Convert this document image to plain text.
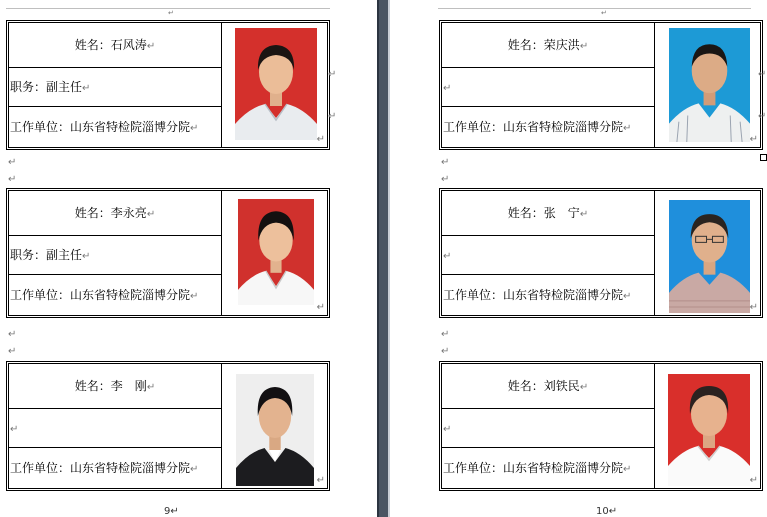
↵
姓名：石风涛↵
职务：副主任↵
工作单位：山东省特检院淄博分院↵
↵
↵
↵
姓名：李永亮↵
职务：副主任↵
工作单位：山东省特检院淄博分院↵
↵
↵
↵
姓名：李　刚↵
↵
工作单位：山东省特检院淄博分院↵
↵
9↵
↵
姓名：荣庆洪↵
↵
工作单位：山东省特检院淄博分院↵
↵
↵
↵
姓名：张　宁↵
↵
工作单位：山东省特检院淄博分院↵
↵
↵
↵
姓名：刘铁民↵
↵
工作单位：山东省特检院淄博分院↵
↵
10↵
↵
↵
↵
↵
